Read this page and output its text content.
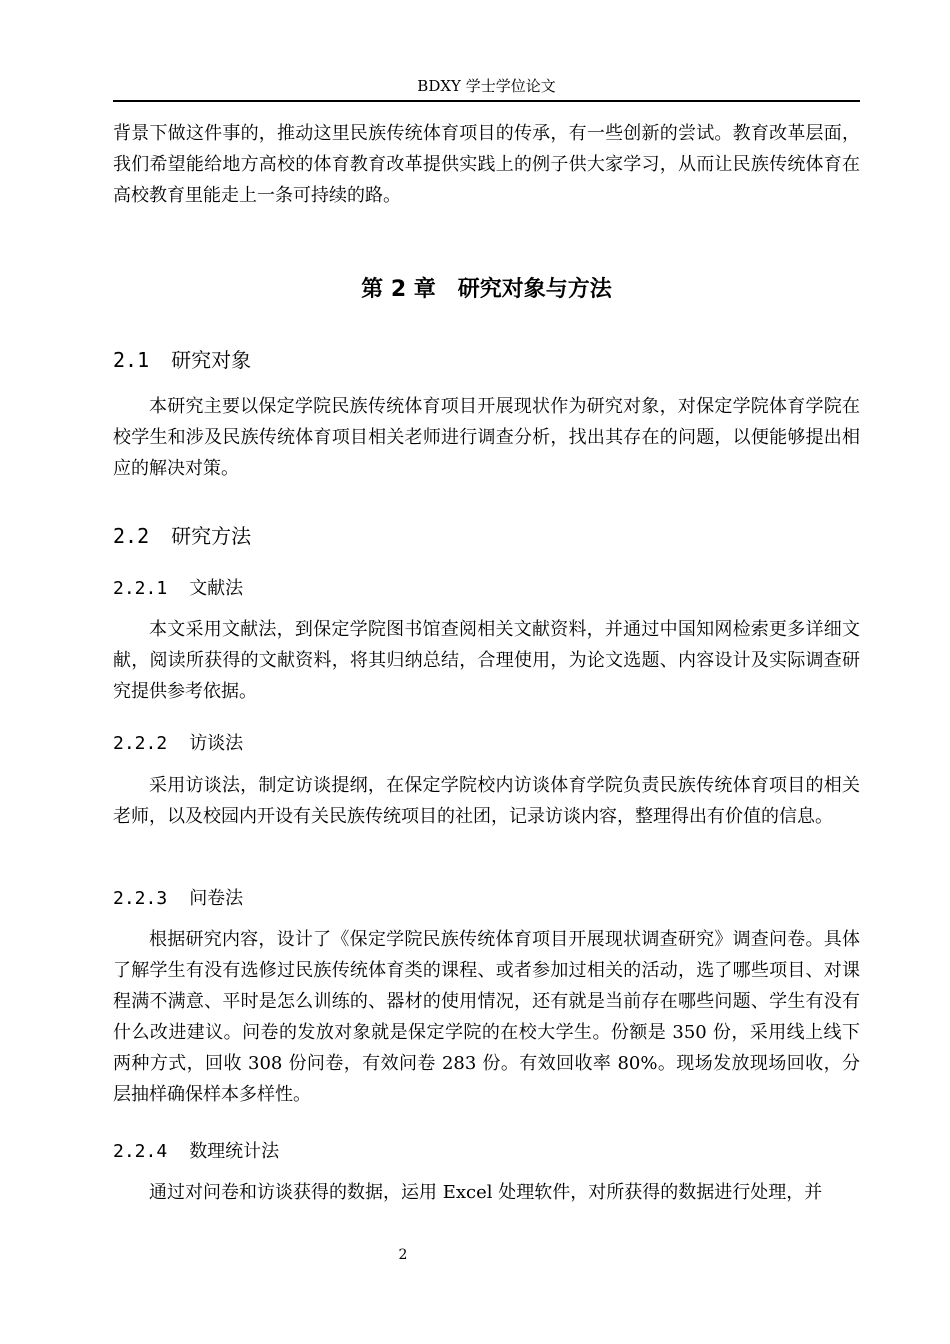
BDXY 学士学位论文

背景下做这件事的，推动这里民族传统体育项目的传承，有一些创新的尝试。教育改革层面，我们希望能给地方高校的体育教育改革提供实践上的例子供大家学习，从而让民族传统体育在高校教育里能走上一条可持续的路。

第 2 章　研究对象与方法
2.1 研究对象

本研究主要以保定学院民族传统体育项目开展现状作为研究对象，对保定学院体育学院在校学生和涉及民族传统体育项目相关老师进行调查分析，找出其存在的问题，以便能够提出相应的解决对策。

2.2 研究方法
2.2.1 文献法

本文采用文献法，到保定学院图书馆查阅相关文献资料，并通过中国知网检索更多详细文献，阅读所获得的文献资料，将其归纳总结，合理使用，为论文选题、内容设计及实际调查研究提供参考依据。

2.2.2 访谈法

采用访谈法，制定访谈提纲，在保定学院校内访谈体育学院负责民族传统体育项目的相关老师，以及校园内开设有关民族传统项目的社团，记录访谈内容，整理得出有价值的信息。

2.2.3 问卷法

根据研究内容，设计了《保定学院民族传统体育项目开展现状调查研究》调查问卷。具体了解学生有没有选修过民族传统体育类的课程、或者参加过相关的活动，选了哪些项目、对课程满不满意、平时是怎么训练的、器材的使用情况，还有就是当前存在哪些问题、学生有没有什么改进建议。问卷的发放对象就是保定学院的在校大学生。份额是 350 份，采用线上线下两种方式，回收 308 份问卷，有效问卷 283 份。有效回收率 80%。现场发放现场回收，分层抽样确保样本多样性。

2.2.4 数理统计法

通过对问卷和访谈获得的数据，运用 Excel 处理软件，对所获得的数据进行处理，并

2
